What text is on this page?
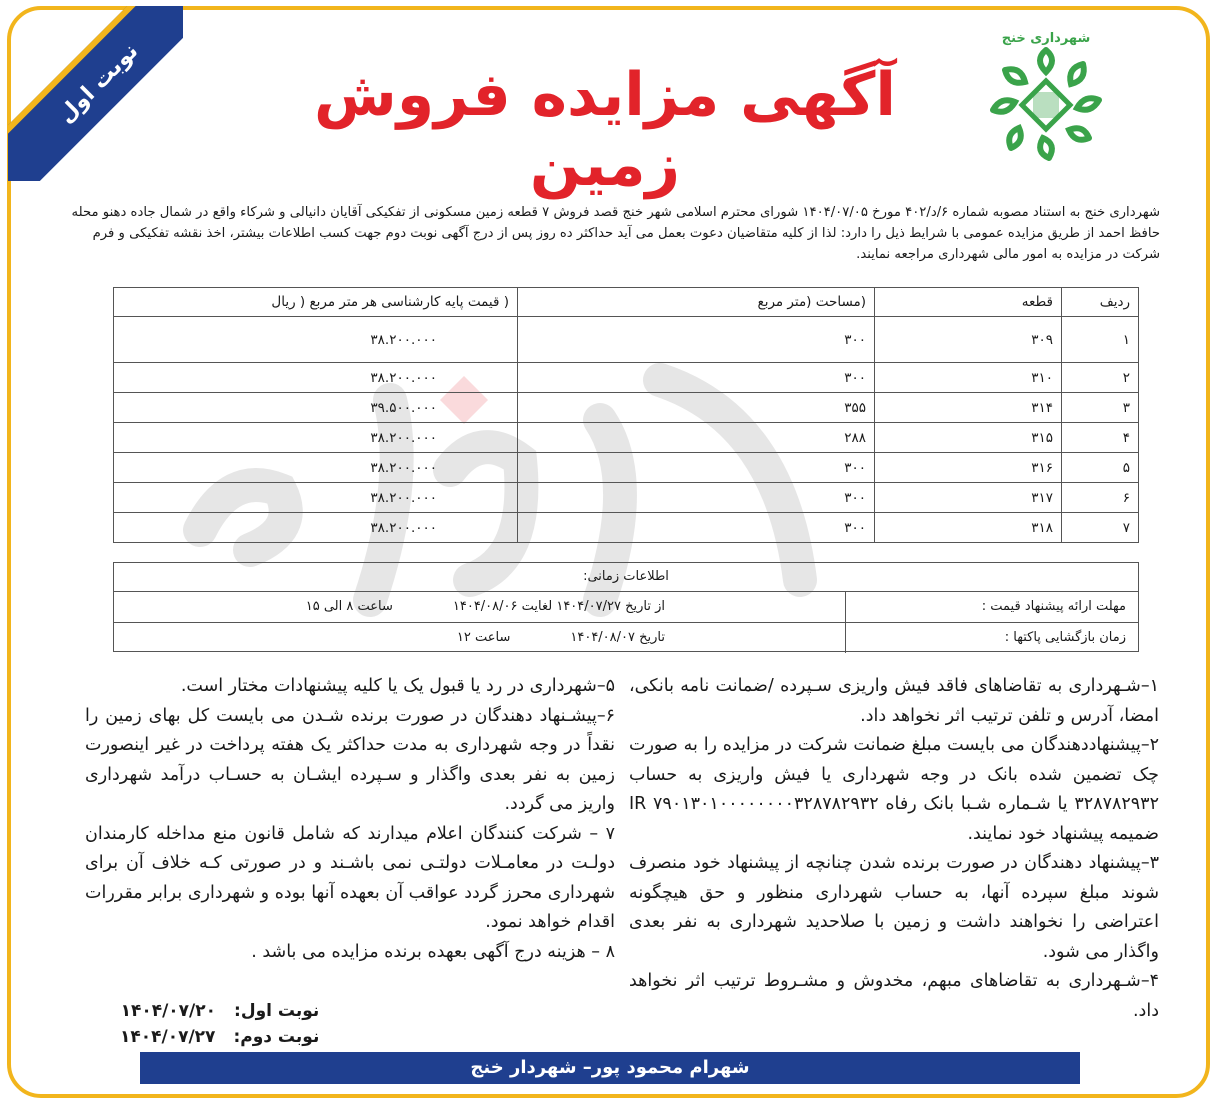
نوبت اول	شهرداری خنج
آگهی مزایده فروش زمین
شهرداری خنج به استناد مصوبه شماره ۶/د/۴۰۲ مورخ ۱۴۰۴/۰۷/۰۵ شورای محترم اسلامی شهر خنج قصد فروش ۷ قطعه زمین مسکونی از تفکیکی آقایان دانیالی و شرکاء واقع در شمال جاده دهنو محله حافظ احمد از طریق مزایده عمومی با شرایط ذیل را دارد: لذا از کلیه متقاضیان دعوت بعمل می آید حداکثر ده روز پس از درج آگهی نوبت دوم جهت کسب اطلاعات بیشتر، اخذ نقشه تفکیکی و فرم شرکت در مزایده به امور مالی شهرداری مراجعه نمایند.
ردیف	قطعه	(مساحت (متر مربع	( قیمت پایه کارشناسی هر متر مربع ( ریال
۱	۳۰۹	۳۰۰	۳۸.۲۰۰.۰۰۰
۲	۳۱۰	۳۰۰	۳۸.۲۰۰.۰۰۰
۳	۳۱۴	۳۵۵	۳۹.۵۰۰.۰۰۰
۴	۳۱۵	۲۸۸	۳۸.۲۰۰.۰۰۰
۵	۳۱۶	۳۰۰	۳۸.۲۰۰.۰۰۰
۶	۳۱۷	۳۰۰	۳۸.۲۰۰.۰۰۰
۷	۳۱۸	۳۰۰	۳۸.۲۰۰.۰۰۰
اطلاعات زمانی:
مهلت ارائه پیشنهاد قیمت :
از تاریخ ۱۴۰۴/۰۷/۲۷ لغایت ۱۴۰۴/۰۸/۰۶
ساعت ۸ الی ۱۵
زمان بازگشایی پاکتها :
تاریخ ۱۴۰۴/۰۸/۰۷
ساعت ۱۲

۱–شـهرداری به تقاضاهای فاقد فیش واریزی سـپرده /ضمانت نامه بانکی، امضا، آدرس و تلفن ترتیب اثر نخواهد داد.

۲–پیشنهاددهندگان می بایست مبلغ ضمانت شرکت در مزایده را به صورت چک تضمین شده بانک در وجه شهرداری یا فیش واریزی به حساب ۳۲۸۷۸۲۹۳۲ یا شـماره شـبا بانک رفاه IR ۷۹۰۱۳۰۱۰۰۰۰۰۰۰۰۳۲۸۷۸۲۹۳۲ ضمیمه پیشنهاد خود نمایند.

۳–پیشنهاد دهندگان در صورت برنده شدن چنانچه از پیشنهاد خود منصرف شوند مبلغ سپرده آنها، به حساب شهرداری منظور و حق هیچگونه اعتراضی را نخواهند داشت و زمین با صلاحدید شهرداری به نفر بعدی واگذار می شود.

۴–شـهرداری به تقاضاهای مبهم، مخدوش و مشـروط ترتیب اثر نخواهد داد.

۵–شهرداری در رد یا قبول یک یا کلیه پیشنهادات مختار است.

۶–پیشـنهاد دهندگان در صورت برنده شـدن می بایست کل بهای زمین را نقداً در وجه شهرداری به مدت حداکثر یک هفته پرداخت در غیر اینصورت زمین به نفر بعدی واگذار و سـپرده ایشـان به حسـاب درآمد شهرداری واریز می گردد.

۷ – شرکت کنندگان اعلام میدارند که شامل قانون منع مداخله کارمندان دولـت در معامـلات دولتـی نمی باشـند و در صورتی کـه خلاف آن برای شهرداری محرز گردد عواقب آن بعهده آنها بوده و شهرداری برابر مقررات اقدام خواهد نمود.

۸ – هزینه درج آگهی بعهده برنده مزایده می باشد .

نوبت اول:
۱۴۰۴/۰۷/۲۰
نوبت دوم:
۱۴۰۴/۰۷/۲۷
شهرام محمود پور– شهردار خنج
